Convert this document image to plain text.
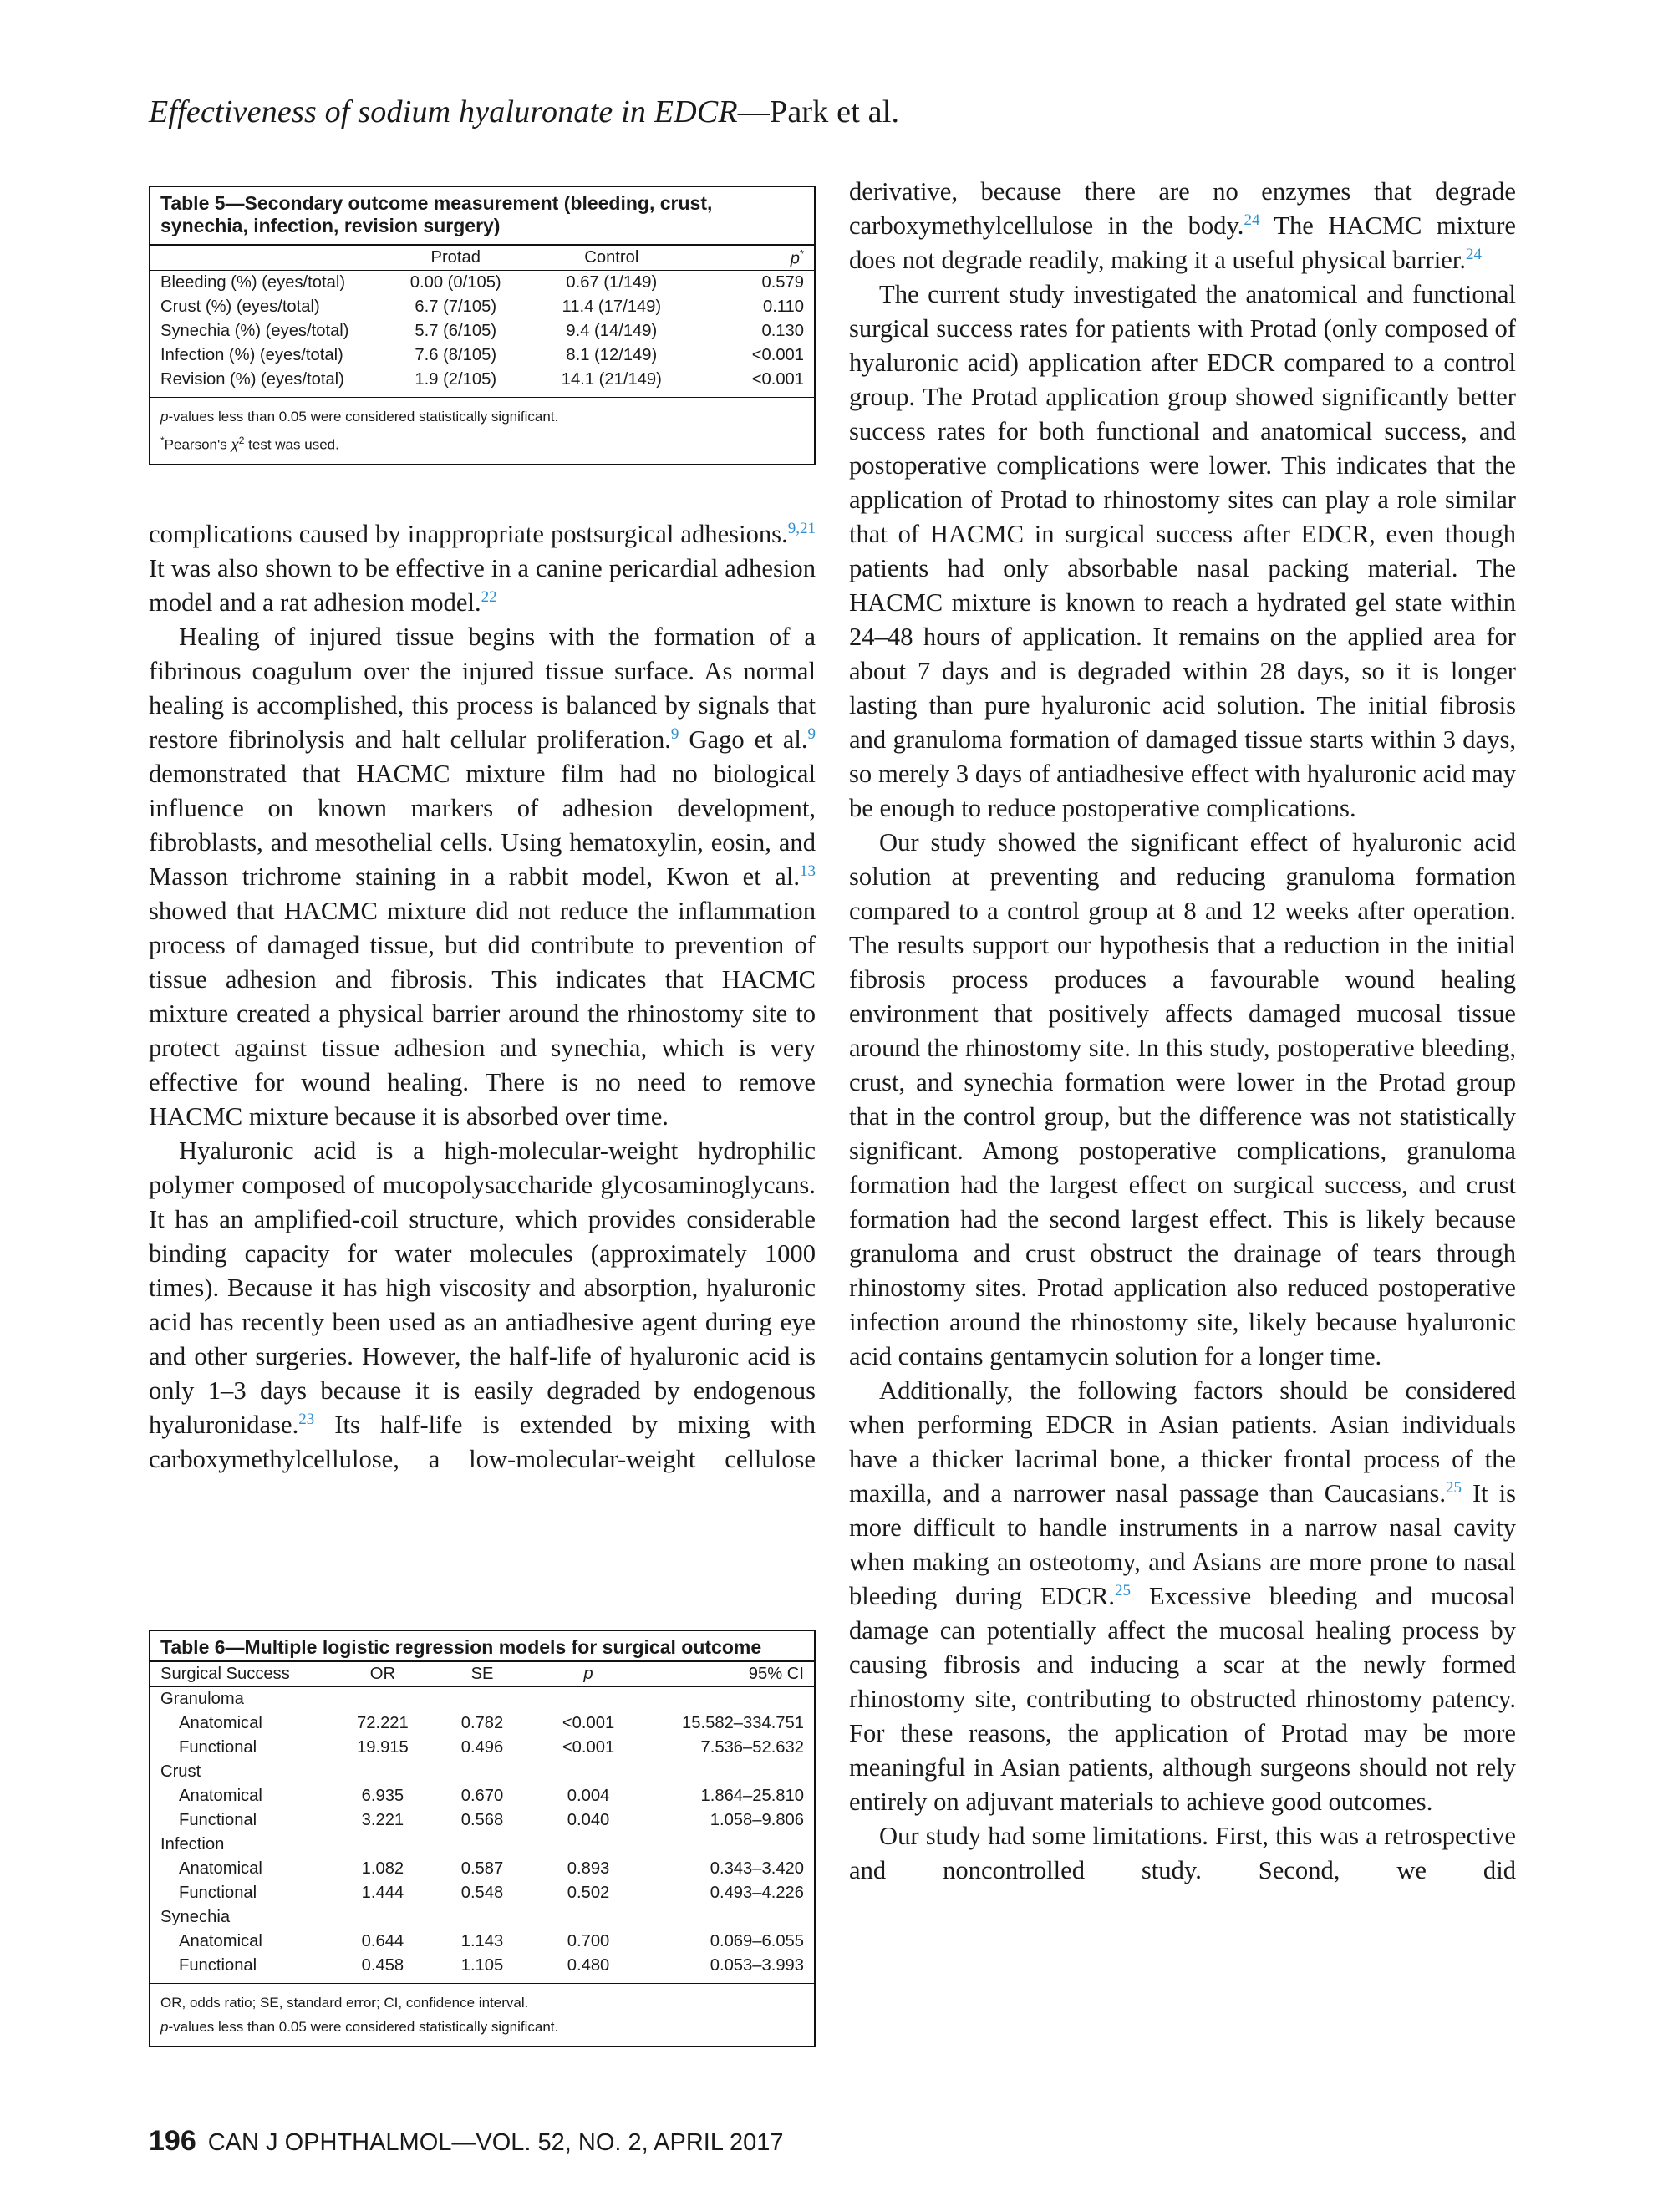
Effectiveness of sodium hyaluronate in EDCR—Park et al.
Table 5—Secondary outcome measurement (bleeding, crust, synechia, infection, revision surgery)
	Protad	Control	p*
Bleeding (%) (eyes/total)	0.00 (0/105)	0.67 (1/149)	0.579
Crust (%) (eyes/total)	6.7 (7/105)	11.4 (17/149)	0.110
Synechia (%) (eyes/total)	5.7 (6/105)	9.4 (14/149)	0.130
Infection (%) (eyes/total)	7.6 (8/105)	8.1 (12/149)	<0.001
Revision (%) (eyes/total)	1.9 (2/105)	14.1 (21/149)	<0.001

p-values less than 0.05 were considered statistically significant.

*Pearson's $\chi^2$ test was used.

complications caused by inappropriate postsurgical adhesions.$^{9,21}$ It was also shown to be effective in a canine pericardial adhesion model and a rat adhesion model.$^{22}$

Healing of injured tissue begins with the formation of a fibrinous coagulum over the injured tissue surface. As normal healing is accomplished, this process is balanced by signals that restore fibrinolysis and halt cellular proliferation.$^9$ Gago et al.$^9$ demonstrated that HACMC mixture film had no biological influence on known markers of adhesion development, fibroblasts, and mesothelial cells. Using hematoxylin, eosin, and Masson trichrome staining in a rabbit model, Kwon et al.$^{13}$ showed that HACMC mixture did not reduce the inflammation process of damaged tissue, but did contribute to prevention of tissue adhesion and fibrosis. This indicates that HACMC mixture created a physical barrier around the rhinostomy site to protect against tissue adhesion and synechia, which is very effective for wound healing. There is no need to remove HACMC mixture because it is absorbed over time.

Hyaluronic acid is a high-molecular-weight hydrophilic polymer composed of mucopolysaccharide glycosaminoglycans. It has an amplified-coil structure, which provides considerable binding capacity for water molecules (approximately 1000 times). Because it has high viscosity and absorption, hyaluronic acid has recently been used as an antiadhesive agent during eye and other surgeries. However, the half-life of hyaluronic acid is only 1–3 days because it is easily degraded by endogenous hyaluronidase.$^{23}$ Its half-life is extended by mixing with carboxymethylcellulose, a low-molecular-weight cellulose

Table 6—Multiple logistic regression models for surgical outcome
Surgical Success	OR	SE	p	95% CI
Granuloma				
Anatomical	72.221	0.782	<0.001	15.582–334.751
Functional	19.915	0.496	<0.001	7.536–52.632
Crust				
Anatomical	6.935	0.670	0.004	1.864–25.810
Functional	3.221	0.568	0.040	1.058–9.806
Infection				
Anatomical	1.082	0.587	0.893	0.343–3.420
Functional	1.444	0.548	0.502	0.493–4.226
Synechia				
Anatomical	0.644	1.143	0.700	0.069–6.055
Functional	0.458	1.105	0.480	0.053–3.993

OR, odds ratio; SE, standard error; CI, confidence interval.

p-values less than 0.05 were considered statistically significant.

derivative, because there are no enzymes that degrade carboxymethylcellulose in the body.$^{24}$ The HACMC mixture does not degrade readily, making it a useful physical barrier.$^{24}$

The current study investigated the anatomical and functional surgical success rates for patients with Protad (only composed of hyaluronic acid) application after EDCR compared to a control group. The Protad application group showed significantly better success rates for both functional and anatomical success, and postoperative complications were lower. This indicates that the application of Protad to rhinostomy sites can play a role similar that of HACMC in surgical success after EDCR, even though patients had only absorbable nasal packing material. The HACMC mixture is known to reach a hydrated gel state within 24–48 hours of application. It remains on the applied area for about 7 days and is degraded within 28 days, so it is longer lasting than pure hyaluronic acid solution. The initial fibrosis and granuloma formation of damaged tissue starts within 3 days, so merely 3 days of antiadhesive effect with hyaluronic acid may be enough to reduce postoperative complications.

Our study showed the significant effect of hyaluronic acid solution at preventing and reducing granuloma formation compared to a control group at 8 and 12 weeks after operation. The results support our hypothesis that a reduction in the initial fibrosis process produces a favourable wound healing environment that positively affects damaged mucosal tissue around the rhinostomy site. In this study, postoperative bleeding, crust, and synechia formation were lower in the Protad group that in the control group, but the difference was not statistically significant. Among postoperative complications, granuloma formation had the largest effect on surgical success, and crust formation had the second largest effect. This is likely because granuloma and crust obstruct the drainage of tears through rhinostomy sites. Protad application also reduced postoperative infection around the rhinostomy site, likely because hyaluronic acid contains gentamycin solution for a longer time.

Additionally, the following factors should be considered when performing EDCR in Asian patients. Asian individuals have a thicker lacrimal bone, a thicker frontal process of the maxilla, and a narrower nasal passage than Caucasians.$^{25}$ It is more difficult to handle instruments in a narrow nasal cavity when making an osteotomy, and Asians are more prone to nasal bleeding during EDCR.$^{25}$ Excessive bleeding and mucosal damage can potentially affect the mucosal healing process by causing fibrosis and inducing a scar at the newly formed rhinostomy site, contributing to obstructed rhinostomy patency. For these reasons, the application of Protad may be more meaningful in Asian patients, although surgeons should not rely entirely on adjuvant materials to achieve good outcomes.

Our study had some limitations. First, this was a retrospective and noncontrolled study. Second, we did

196 CAN J OPHTHALMOL—VOL. 52, NO. 2, APRIL 2017
